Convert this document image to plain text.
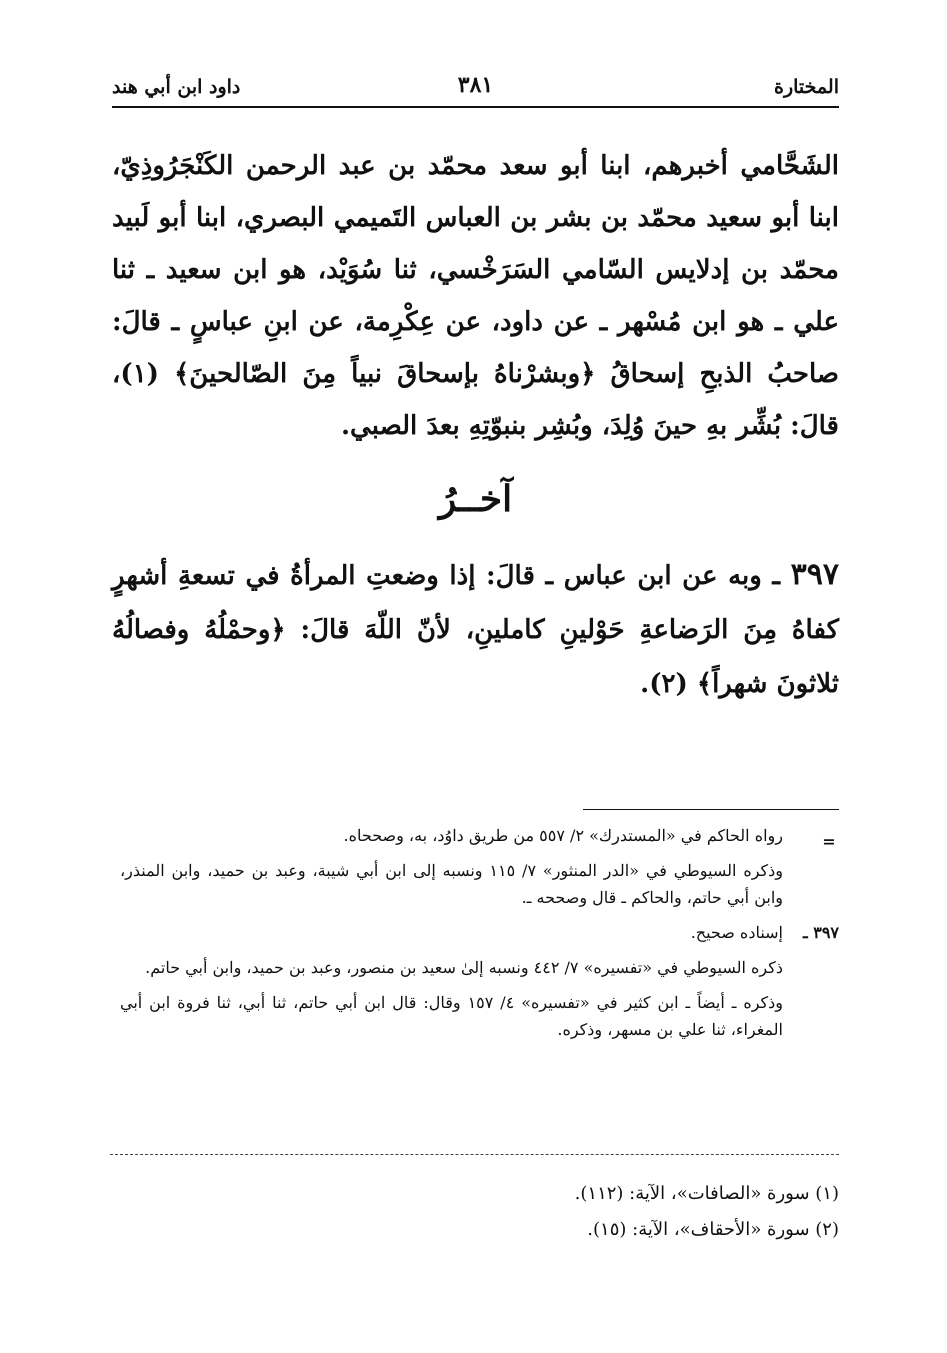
المختارة
٣٨١
داود ابن أبي هند

الشَحَّامي أخبرهم، ابنا أبو سعد محمّد بن عبد الرحمن الكَنْجَرُوذِيّ، ابنا أبو سعيد محمّد بن بشر بن العباس التَميمي البصري، ابنا أبو لَبيد محمّد بن إدلايس السّامي السَرَخْسي، ثنا سُوَيْد، هو ابن سعيد ـ ثنا علي ـ هو ابن مُسْهر ـ عن داود، عن عِكْرِمة، عن ابنِ عباسٍ ـ قالَ: صاحبُ الذبحِ إسحاقُ ﴿وبشرْناهُ بإسحاقَ نبياً مِنَ الصّالحينَ﴾ (١)، قالَ: بُشِّر بهِ حينَ وُلِدَ، وبُشِر بنبوّتِهِ بعدَ الصبي.

آخــرُ

٣٩٧ ـ وبه عن ابن عباس ـ قالَ: إذا وضعتِ المرأةُ في تسعةِ أشهرٍ كفاهُ مِنَ الرَضاعةِ حَوْلينِ كاملينِ، لأنّ اللّهَ قالَ: ﴿وحمْلُهُ وفصالُهُ ثلاثونَ شهراً﴾ (٢).

=
رواه الحاكم في «المستدرك» ٢/ ٥٥٧ من طريق داوُد، به، وصححاه.
وذكره السيوطي في «الدر المنثور» ٧/ ١١٥ ونسبه إلى ابن أبي شيبة، وعبد بن حميد، وابن المنذر، وابن أبي حاتم، والحاكم ـ قال وصححه ـ.
٣٩٧ ـ
إسناده صحيح.
ذكره السيوطي في «تفسيره» ٧/ ٤٤٢ ونسبه إلىٰ سعيد بن منصور، وعبد بن حميد، وابن أبي حاتم.
وذكره ـ أيضاً ـ ابن كثير في «تفسيره» ٤/ ١٥٧ وقال: قال ابن أبي حاتم، ثنا أبي، ثنا فروة ابن أبي المغراء، ثنا علي بن مسهر، وذكره.

(١) سورة «الصافات»، الآية: (١١٢).

(٢) سورة «الأحقاف»، الآية: (١٥).
